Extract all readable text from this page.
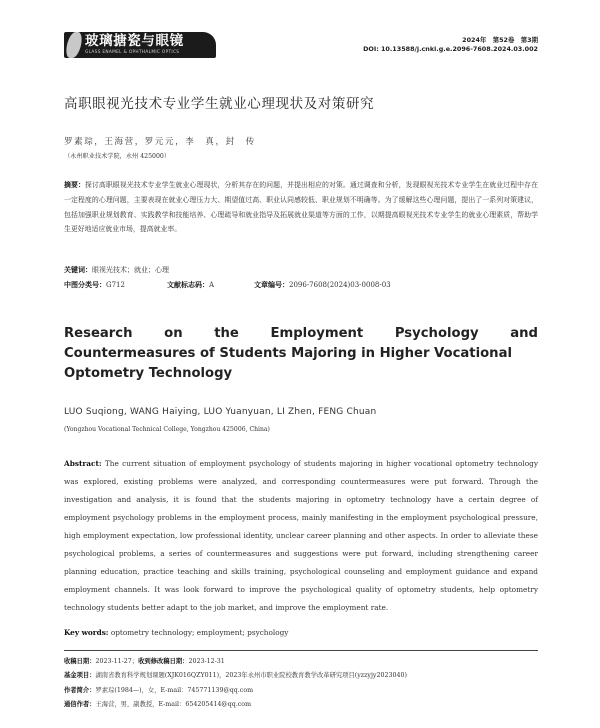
玻璃搪瓷与眼镜
GLASS ENAMEL & OPHTHALMIC OPTICS
2024年　第52卷　第3期
DOI: 10.13588/j.cnki.g.e.2096-7608.2024.03.002
高职眼视光技术专业学生就业心理现状及对策研究
罗素琮，王海营，罗元元，李　真，封　传
（永州职业技术学院，永州 425000）
摘要：探讨高职眼视光技术专业学生就业心理现状，分析其存在的问题，并提出相应的对策。通过调查和分析，发现眼视光技术专业学生在就业过程中存在一定程度的心理问题，主要表现在就业心理压力大、期望值过高、职业认同感较低、职业规划不明确等。为了缓解这些心理问题，提出了一系列对策建议，包括加强职业规划教育、实践教学和技能培养、心理疏导和就业指导及拓展就业渠道等方面的工作，以期提高眼视光技术专业学生的就业心理素质，帮助学生更好地适应就业市场，提高就业率。
关键词：眼视光技术；就业；心理
中图分类号：G712	文献标志码：A	文章编号：2096-7608(2024)03-0008-03
Research on the Employment Psychology and
Countermeasures of Students Majoring in Higher Vocational
Optometry Technology
LUO Suqiong, WANG Haiying, LUO Yuanyuan, LI Zhen, FENG Chuan
(Yongzhou Vocational Technical College, Yongzhou 425006, China)
Abstract: The current situation of employment psychology of students majoring in higher vocational optometry technology was explored, existing problems were analyzed, and corresponding countermeasures were put forward. Through the investigation and analysis, it is found that the students majoring in optometry technology have a certain degree of employment psychology problems in the employment process, mainly manifesting in the employment psychological pressure, high employment expectation, low professional identity, unclear career planning and other aspects. In order to alleviate these psychological problems, a series of countermeasures and suggestions were put forward, including strengthening career planning education, practice teaching and skills training, psychological counseling and employment guidance and expand employment channels. It was look forward to improve the psychological quality of optometry students, help optometry technology students better adapt to the job market, and improve the employment rate.
Key words: optometry technology; employment; psychology
收稿日期：2023-11-27；收到修改稿日期：2023-12-31
基金项目：湖南省教育科学规划课题(XJK016QZY011)，2023年永州市职业院校教育教学改革研究项目(yzzyjy2023040)
作者简介：罗素琮(1984—)，女，E-mail：745771139@qq.com
通信作者：王海营，男，副教授，E-mail：654205414@qq.com
